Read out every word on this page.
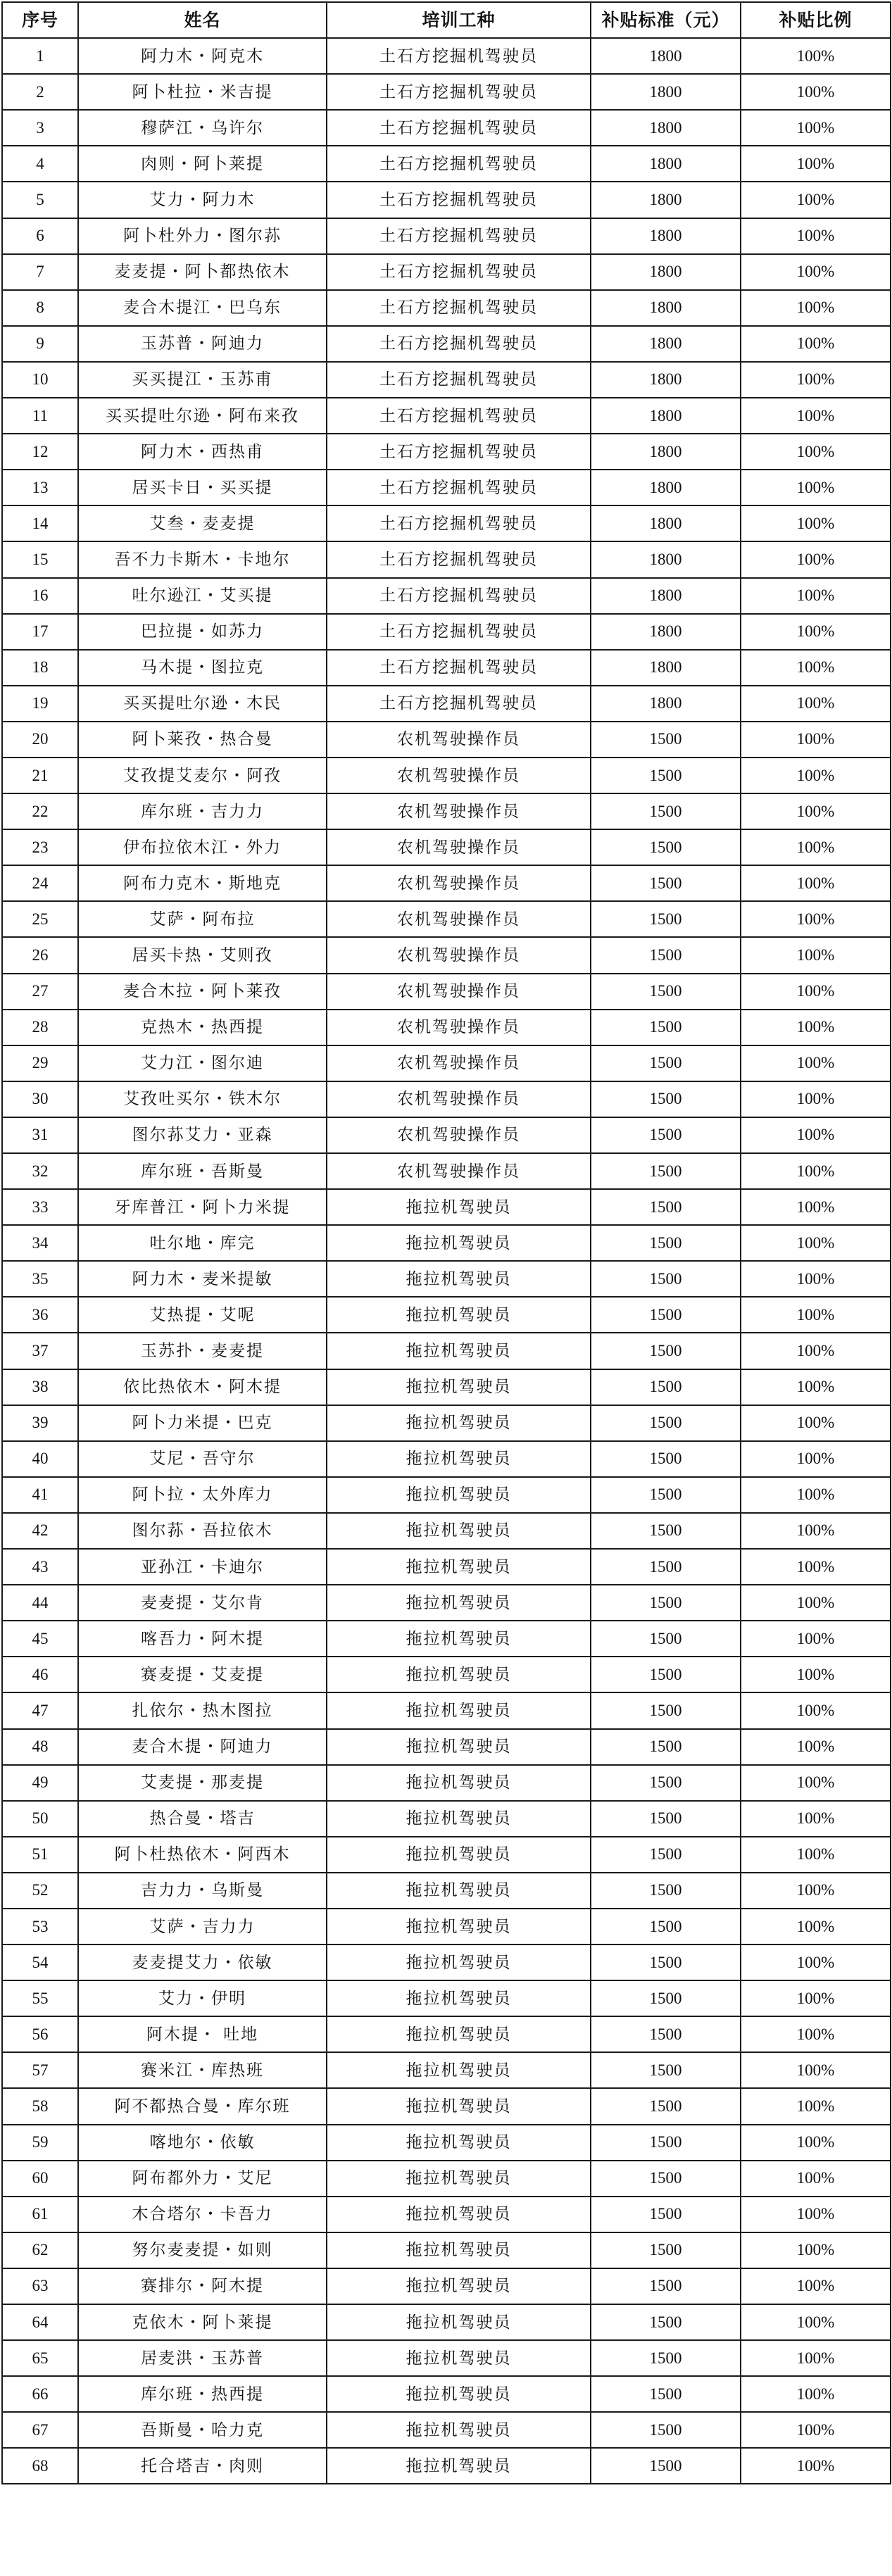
序号	姓名	培训工种	补贴标准（元）	补贴比例
1	阿力木・阿克木	土石方挖掘机驾驶员	1800	100%
2	阿卜杜拉・米吉提	土石方挖掘机驾驶员	1800	100%
3	穆萨江・乌许尔	土石方挖掘机驾驶员	1800	100%
4	肉则・阿卜莱提	土石方挖掘机驾驶员	1800	100%
5	艾力・阿力木	土石方挖掘机驾驶员	1800	100%
6	阿卜杜外力・图尔荪	土石方挖掘机驾驶员	1800	100%
7	麦麦提・阿卜都热依木	土石方挖掘机驾驶员	1800	100%
8	麦合木提江・巴乌东	土石方挖掘机驾驶员	1800	100%
9	玉苏普・阿迪力	土石方挖掘机驾驶员	1800	100%
10	买买提江・玉苏甫	土石方挖掘机驾驶员	1800	100%
11	买买提吐尔逊・阿布来孜	土石方挖掘机驾驶员	1800	100%
12	阿力木・西热甫	土石方挖掘机驾驶员	1800	100%
13	居买卡日・买买提	土石方挖掘机驾驶员	1800	100%
14	艾叁・麦麦提	土石方挖掘机驾驶员	1800	100%
15	吾不力卡斯木・卡地尔	土石方挖掘机驾驶员	1800	100%
16	吐尔逊江・艾买提	土石方挖掘机驾驶员	1800	100%
17	巴拉提・如苏力	土石方挖掘机驾驶员	1800	100%
18	马木提・图拉克	土石方挖掘机驾驶员	1800	100%
19	买买提吐尔逊・木民	土石方挖掘机驾驶员	1800	100%
20	阿卜莱孜・热合曼	农机驾驶操作员	1500	100%
21	艾孜提艾麦尔・阿孜	农机驾驶操作员	1500	100%
22	库尔班・吉力力	农机驾驶操作员	1500	100%
23	伊布拉依木江・外力	农机驾驶操作员	1500	100%
24	阿布力克木・斯地克	农机驾驶操作员	1500	100%
25	艾萨・阿布拉	农机驾驶操作员	1500	100%
26	居买卡热・艾则孜	农机驾驶操作员	1500	100%
27	麦合木拉・阿卜莱孜	农机驾驶操作员	1500	100%
28	克热木・热西提	农机驾驶操作员	1500	100%
29	艾力江・图尔迪	农机驾驶操作员	1500	100%
30	艾孜吐买尔・铁木尔	农机驾驶操作员	1500	100%
31	图尔荪艾力・亚森	农机驾驶操作员	1500	100%
32	库尔班・吾斯曼	农机驾驶操作员	1500	100%
33	牙库普江・阿卜力米提	拖拉机驾驶员	1500	100%
34	吐尔地・库完	拖拉机驾驶员	1500	100%
35	阿力木・麦米提敏	拖拉机驾驶员	1500	100%
36	艾热提・艾呢	拖拉机驾驶员	1500	100%
37	玉苏扑・麦麦提	拖拉机驾驶员	1500	100%
38	依比热依木・阿木提	拖拉机驾驶员	1500	100%
39	阿卜力米提・巴克	拖拉机驾驶员	1500	100%
40	艾尼・吾守尔	拖拉机驾驶员	1500	100%
41	阿卜拉・太外库力	拖拉机驾驶员	1500	100%
42	图尔荪・吾拉依木	拖拉机驾驶员	1500	100%
43	亚孙江・卡迪尔	拖拉机驾驶员	1500	100%
44	麦麦提・艾尔肯	拖拉机驾驶员	1500	100%
45	喀吾力・阿木提	拖拉机驾驶员	1500	100%
46	赛麦提・艾麦提	拖拉机驾驶员	1500	100%
47	扎依尔・热木图拉	拖拉机驾驶员	1500	100%
48	麦合木提・阿迪力	拖拉机驾驶员	1500	100%
49	艾麦提・那麦提	拖拉机驾驶员	1500	100%
50	热合曼・塔吉	拖拉机驾驶员	1500	100%
51	阿卜杜热依木・阿西木	拖拉机驾驶员	1500	100%
52	吉力力・乌斯曼	拖拉机驾驶员	1500	100%
53	艾萨・吉力力	拖拉机驾驶员	1500	100%
54	麦麦提艾力・依敏	拖拉机驾驶员	1500	100%
55	艾力・伊明	拖拉机驾驶员	1500	100%
56	阿木提・ 吐地	拖拉机驾驶员	1500	100%
57	赛米江・库热班	拖拉机驾驶员	1500	100%
58	阿不都热合曼・库尔班	拖拉机驾驶员	1500	100%
59	喀地尔・依敏	拖拉机驾驶员	1500	100%
60	阿布都外力・艾尼	拖拉机驾驶员	1500	100%
61	木合塔尔・卡吾力	拖拉机驾驶员	1500	100%
62	努尔麦麦提・如则	拖拉机驾驶员	1500	100%
63	赛排尔・阿木提	拖拉机驾驶员	1500	100%
64	克依木・阿卜莱提	拖拉机驾驶员	1500	100%
65	居麦洪・玉苏普	拖拉机驾驶员	1500	100%
66	库尔班・热西提	拖拉机驾驶员	1500	100%
67	吾斯曼・哈力克	拖拉机驾驶员	1500	100%
68	托合塔吉・肉则	拖拉机驾驶员	1500	100%
